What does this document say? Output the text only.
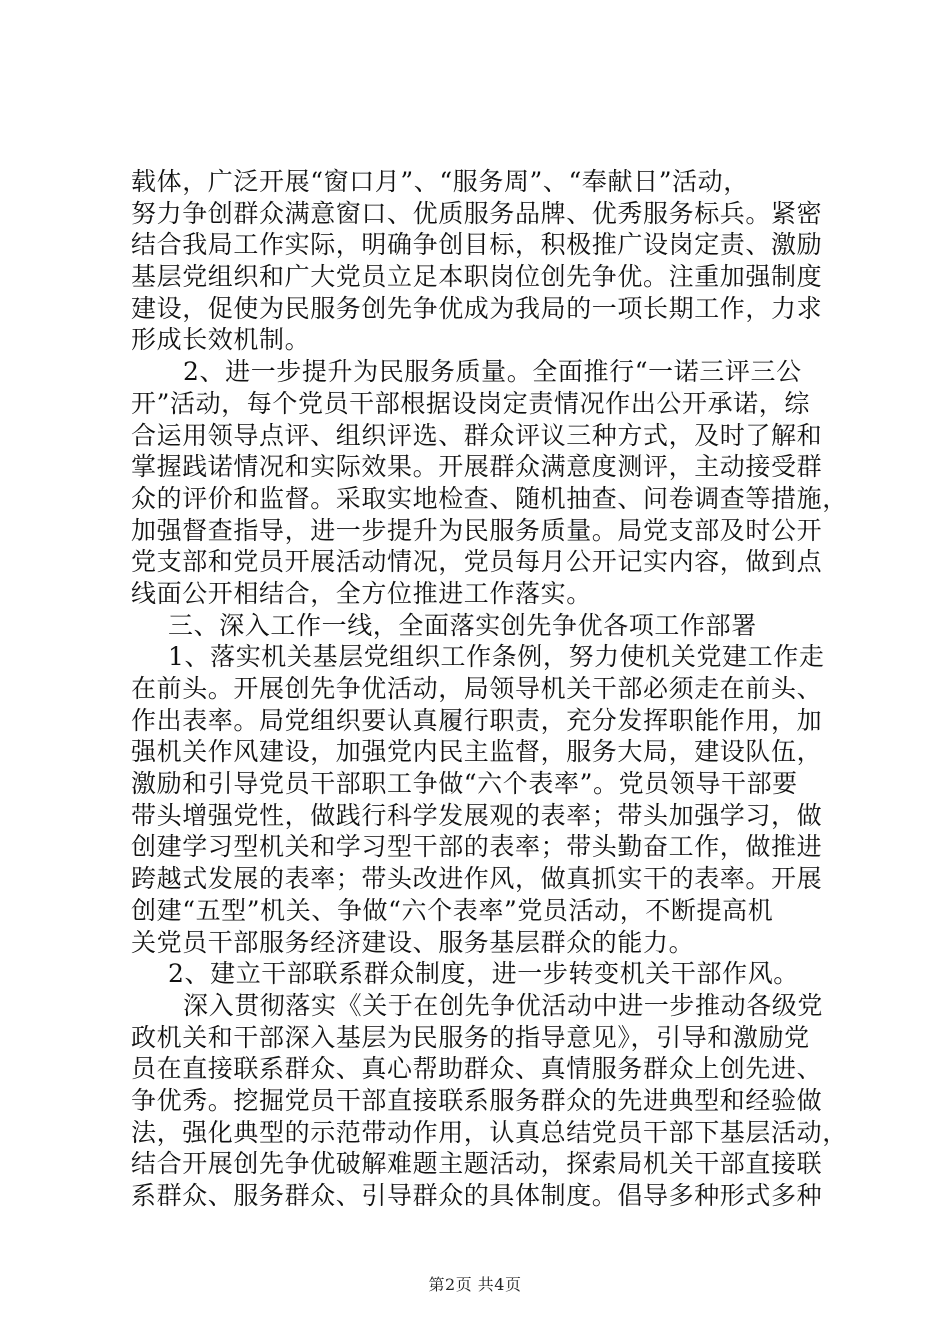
载体，广泛开展“窗口月”、“服务周”、“奉献日”活动，
努力争创群众满意窗口、优质服务品牌、优秀服务标兵。紧密
结合我局工作实际，明确争创目标，积极推广设岗定责、激励
基层党组织和广大党员立足本职岗位创先争优。注重加强制度
建设，促使为民服务创先争优成为我局的一项长期工作，力求
形成长效机制。
2、进一步提升为民服务质量。全面推行“一诺三评三公
开”活动，每个党员干部根据设岗定责情况作出公开承诺，综
合运用领导点评、组织评选、群众评议三种方式，及时了解和
掌握践诺情况和实际效果。开展群众满意度测评，主动接受群
众的评价和监督。采取实地检查、随机抽查、问卷调查等措施，
加强督查指导，进一步提升为民服务质量。局党支部及时公开
党支部和党员开展活动情况，党员每月公开记实内容，做到点
线面公开相结合，全方位推进工作落实。
三、深入工作一线，全面落实创先争优各项工作部署
1、落实机关基层党组织工作条例，努力使机关党建工作走
在前头。开展创先争优活动，局领导机关干部必须走在前头、
作出表率。局党组织要认真履行职责，充分发挥职能作用，加
强机关作风建设，加强党内民主监督，服务大局，建设队伍，
激励和引导党员干部职工争做“六个表率”。党员领导干部要
带头增强党性，做践行科学发展观的表率；带头加强学习，做
创建学习型机关和学习型干部的表率；带头勤奋工作，做推进
跨越式发展的表率；带头改进作风，做真抓实干的表率。开展
创建“五型”机关、争做“六个表率”党员活动，不断提高机
关党员干部服务经济建设、服务基层群众的能力。
2、建立干部联系群众制度，进一步转变机关干部作风。
深入贯彻落实《关于在创先争优活动中进一步推动各级党
政机关和干部深入基层为民服务的指导意见》，引导和激励党
员在直接联系群众、真心帮助群众、真情服务群众上创先进、
争优秀。挖掘党员干部直接联系服务群众的先进典型和经验做
法，强化典型的示范带动作用，认真总结党员干部下基层活动，
结合开展创先争优破解难题主题活动，探索局机关干部直接联
系群众、服务群众、引导群众的具体制度。倡导多种形式多种
第2页 共4页
